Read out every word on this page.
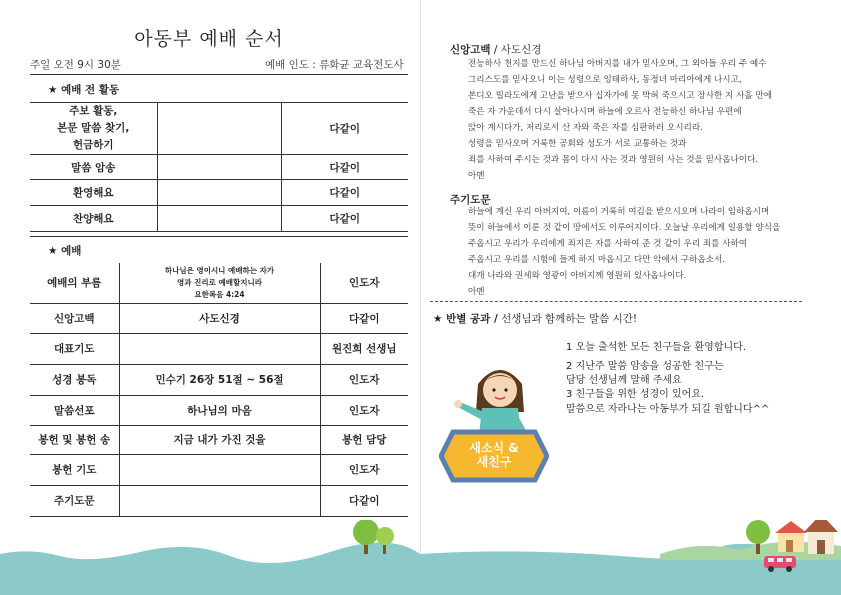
아동부 예배 순서
주일 오전 9시 30분	예배 인도 : 류화균 교육전도사
★ 예배 전 활동
주보 활동,
본문 말씀 찾기,
헌금하기		다같이
말씀 암송		다같이
환영해요		다같이
찬양해요		다같이
★ 예배
예배의 부름	하나님은 영이시니 예배하는 자가
영과 진리로 예배할지니라
요한복음 4:24	인도자
신앙고백	사도신경	다같이
대표기도		원진희 선생님
성경 봉독	민수기 26장 51절 ~ 56절	인도자
말씀선포	하나님의 마음	인도자
봉헌 및 봉헌 송	지금 내가 가진 것을	봉헌 담당
봉헌 기도		인도자
주기도문		다같이
신앙고백 / 사도신경
전능하사 천지를 만드신 하나님 아버지를 내가 믿사오며, 그 외아들 우리 주 예수
그리스도를 믿사오니 이는 성령으로 잉태하사, 동정녀 마리아에게 나시고,
본디오 빌라도에게 고난을 받으사 십자가에 못 박혀 죽으시고 장사한 지 사흘 만에
죽은 자 가운데서 다시 살아나시며 하늘에 오르사 전능하신 하나님 우편에
앉아 계시다가, 저리로서 산 자와 죽은 자를 심판하러 오시리라.
성령을 믿사오며 거룩한 공회와 성도가 서로 교통하는 것과
죄를 사하여 주시는 것과 몸이 다시 사는 것과 영원히 사는 것을 믿사옵나이다.
아멘
주기도문
하늘에 계신 우리 아버지여, 이름이 거룩히 여김을 받으시오며 나라이 임하옵시며
뜻이 하늘에서 이룬 것 같이 땅에서도 이루어지이다. 오늘날 우리에게 일용할 양식을
주옵시고 우리가 우리에게 죄지은 자를 사하여 준 것 같이 우리 죄를 사하여
주옵시고 우리를 시험에 들게 하지 마옵시고 다만 악에서 구하옵소서.
대개 나라와 권세와 영광이 아버지께 영원히 있사옵나이다.
아멘
★ 반별 공과 / 선생님과 함께하는 말씀 시간!
새소식 &
새친구
1 오늘 출석한 모든 친구들을 환영합니다.
2 지난주 말씀 암송을 성공한 친구는
담당 선생님께 말해 주세요
3 친구들을 위한 성경이 있어요.
말씀으로 자라나는 아동부가 되길 원합니다^^
